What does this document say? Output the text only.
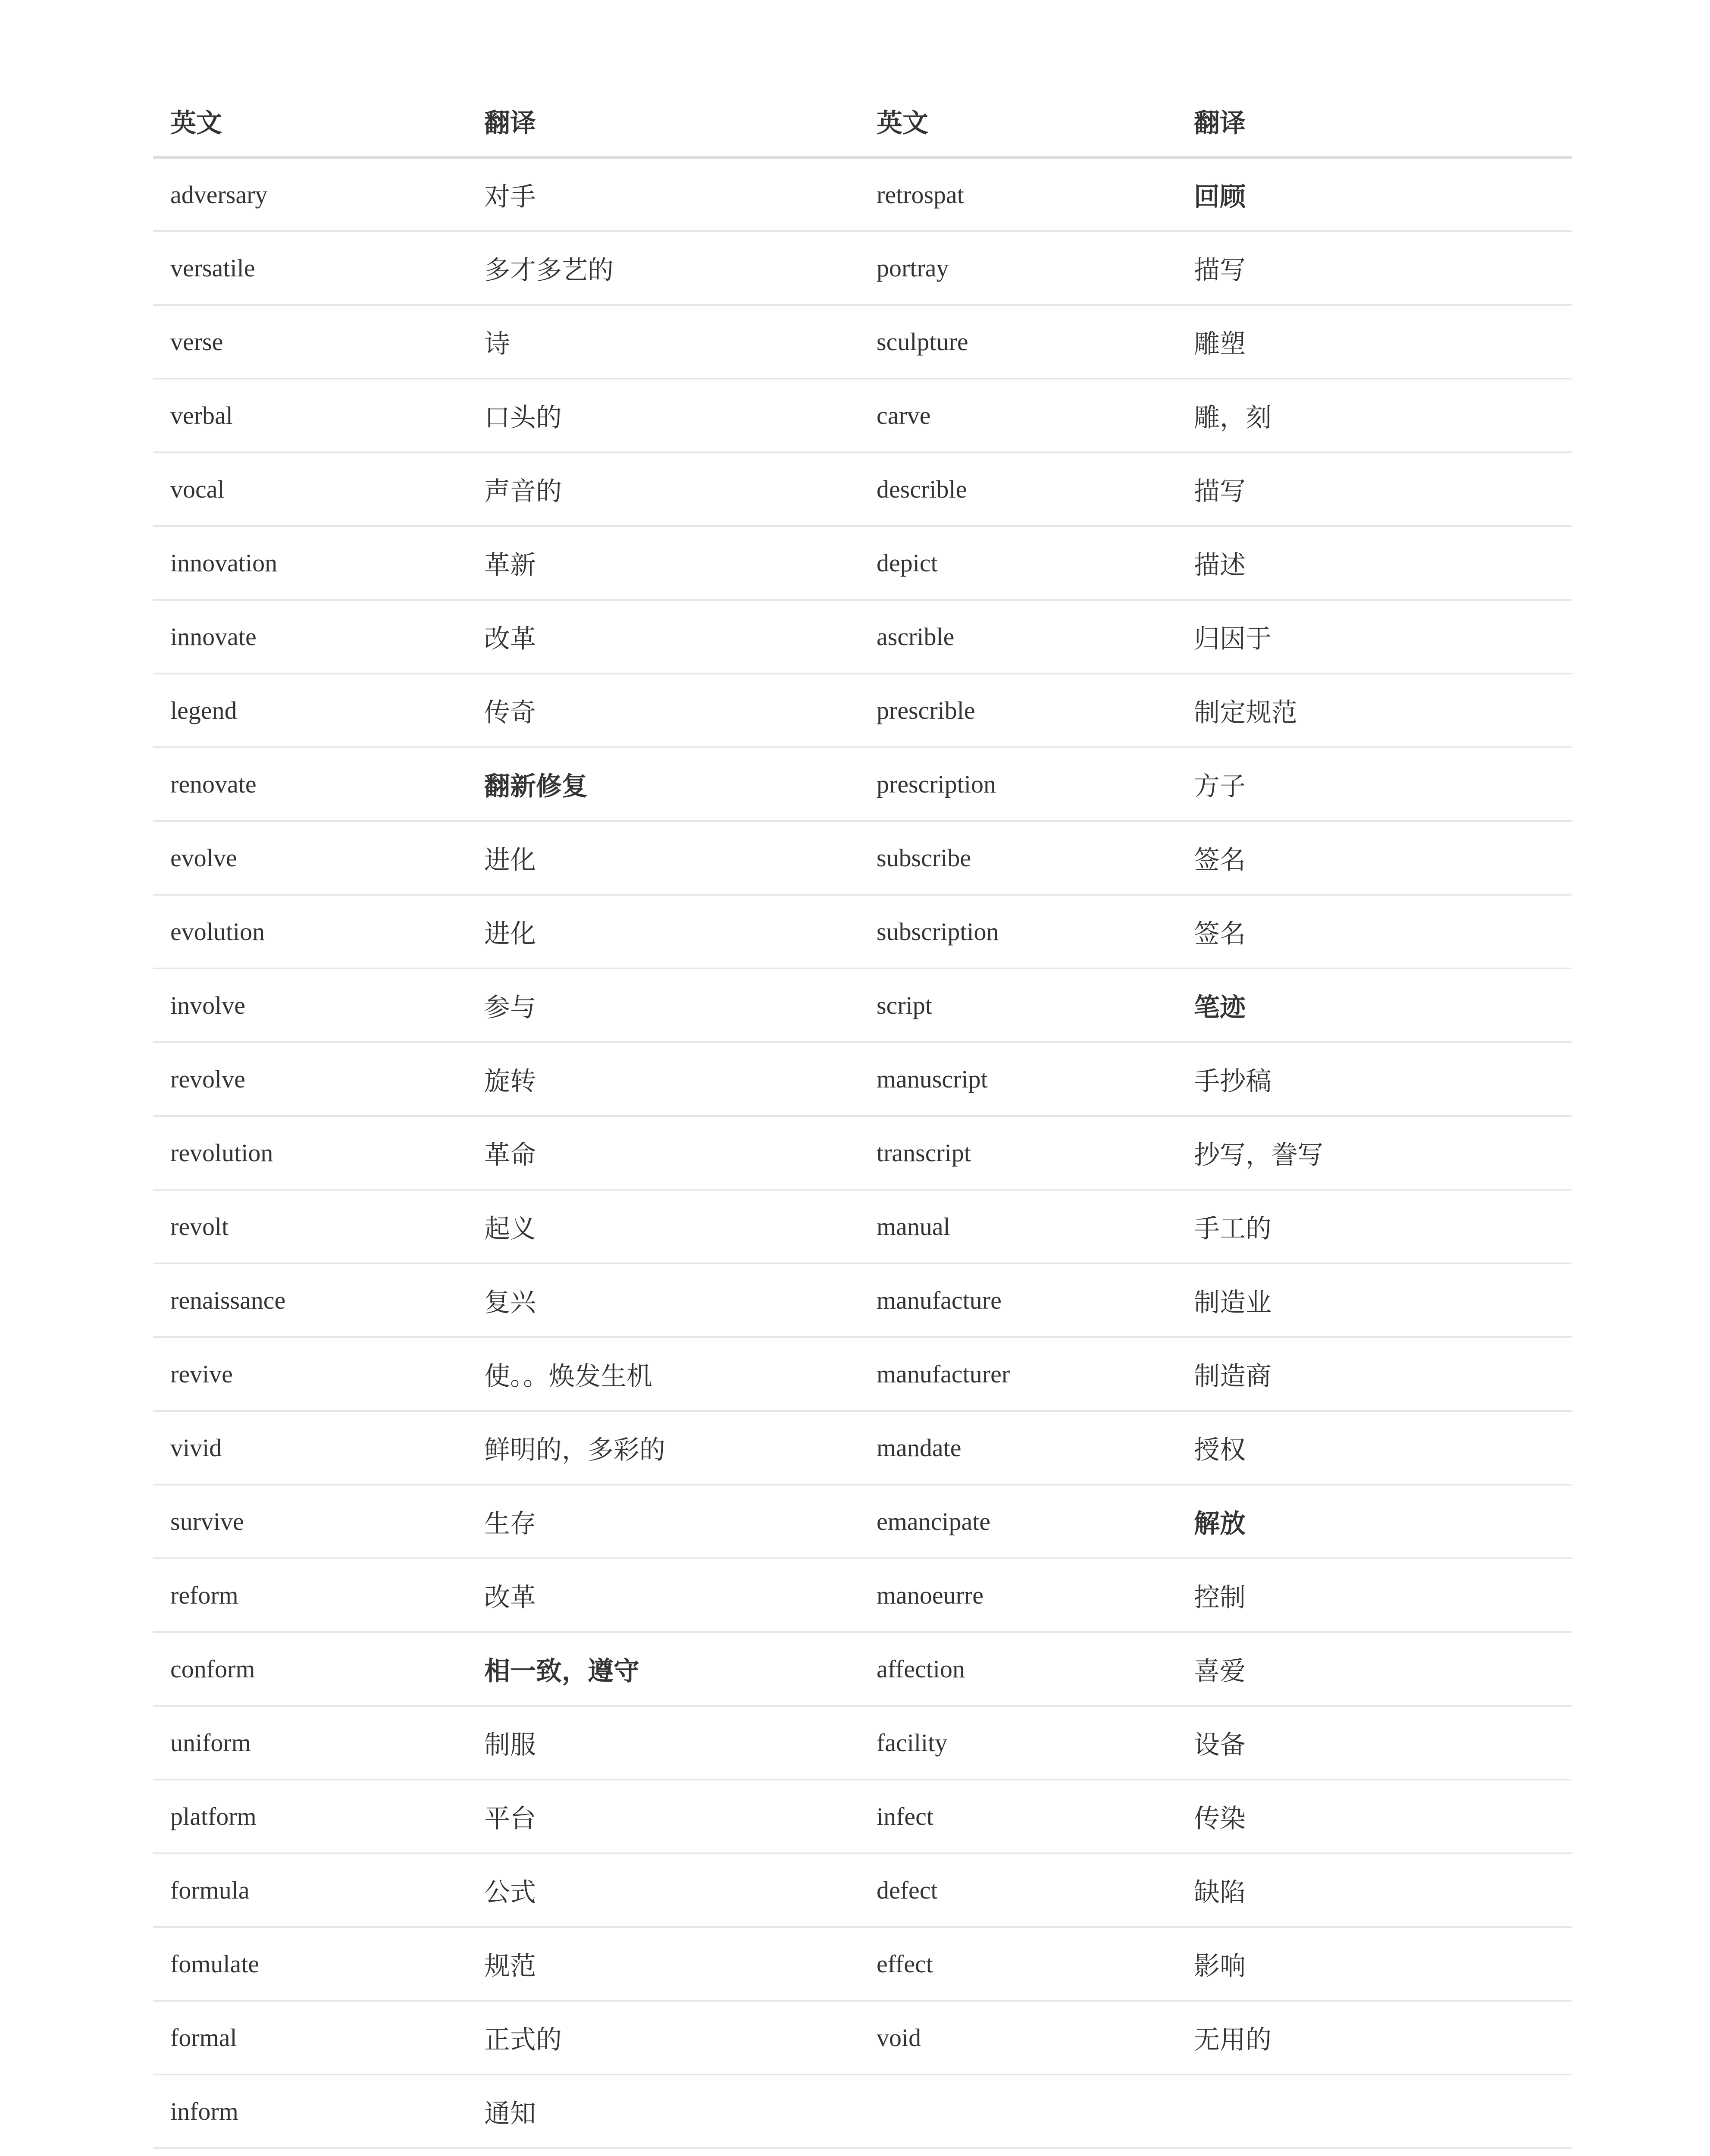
英文	翻译	英文	翻译
adversary	对手	retrospat	回顾
versatile	多才多艺的	portray	描写
verse	诗	sculpture	雕塑
verbal	口头的	carve	雕，刻
vocal	声音的	describle	描写
innovation	革新	depict	描述
innovate	改革	ascrible	归因于
legend	传奇	prescrible	制定规范
renovate	翻新修复	prescription	方子
evolve	进化	subscribe	签名
evolution	进化	subscription	签名
involve	参与	script	笔迹
revolve	旋转	manuscript	手抄稿
revolution	革命	transcript	抄写，誊写
revolt	起义	manual	手工的
renaissance	复兴	manufacture	制造业
revive	使。。焕发生机	manufacturer	制造商
vivid	鲜明的，多彩的	mandate	授权
survive	生存	emancipate	解放
reform	改革	manoeurre	控制
conform	相一致，遵守	affection	喜爱
uniform	制服	facility	设备
platform	平台	infect	传染
formula	公式	defect	缺陷
fomulate	规范	effect	影响
formal	正式的	void	无用的
inform	通知		
